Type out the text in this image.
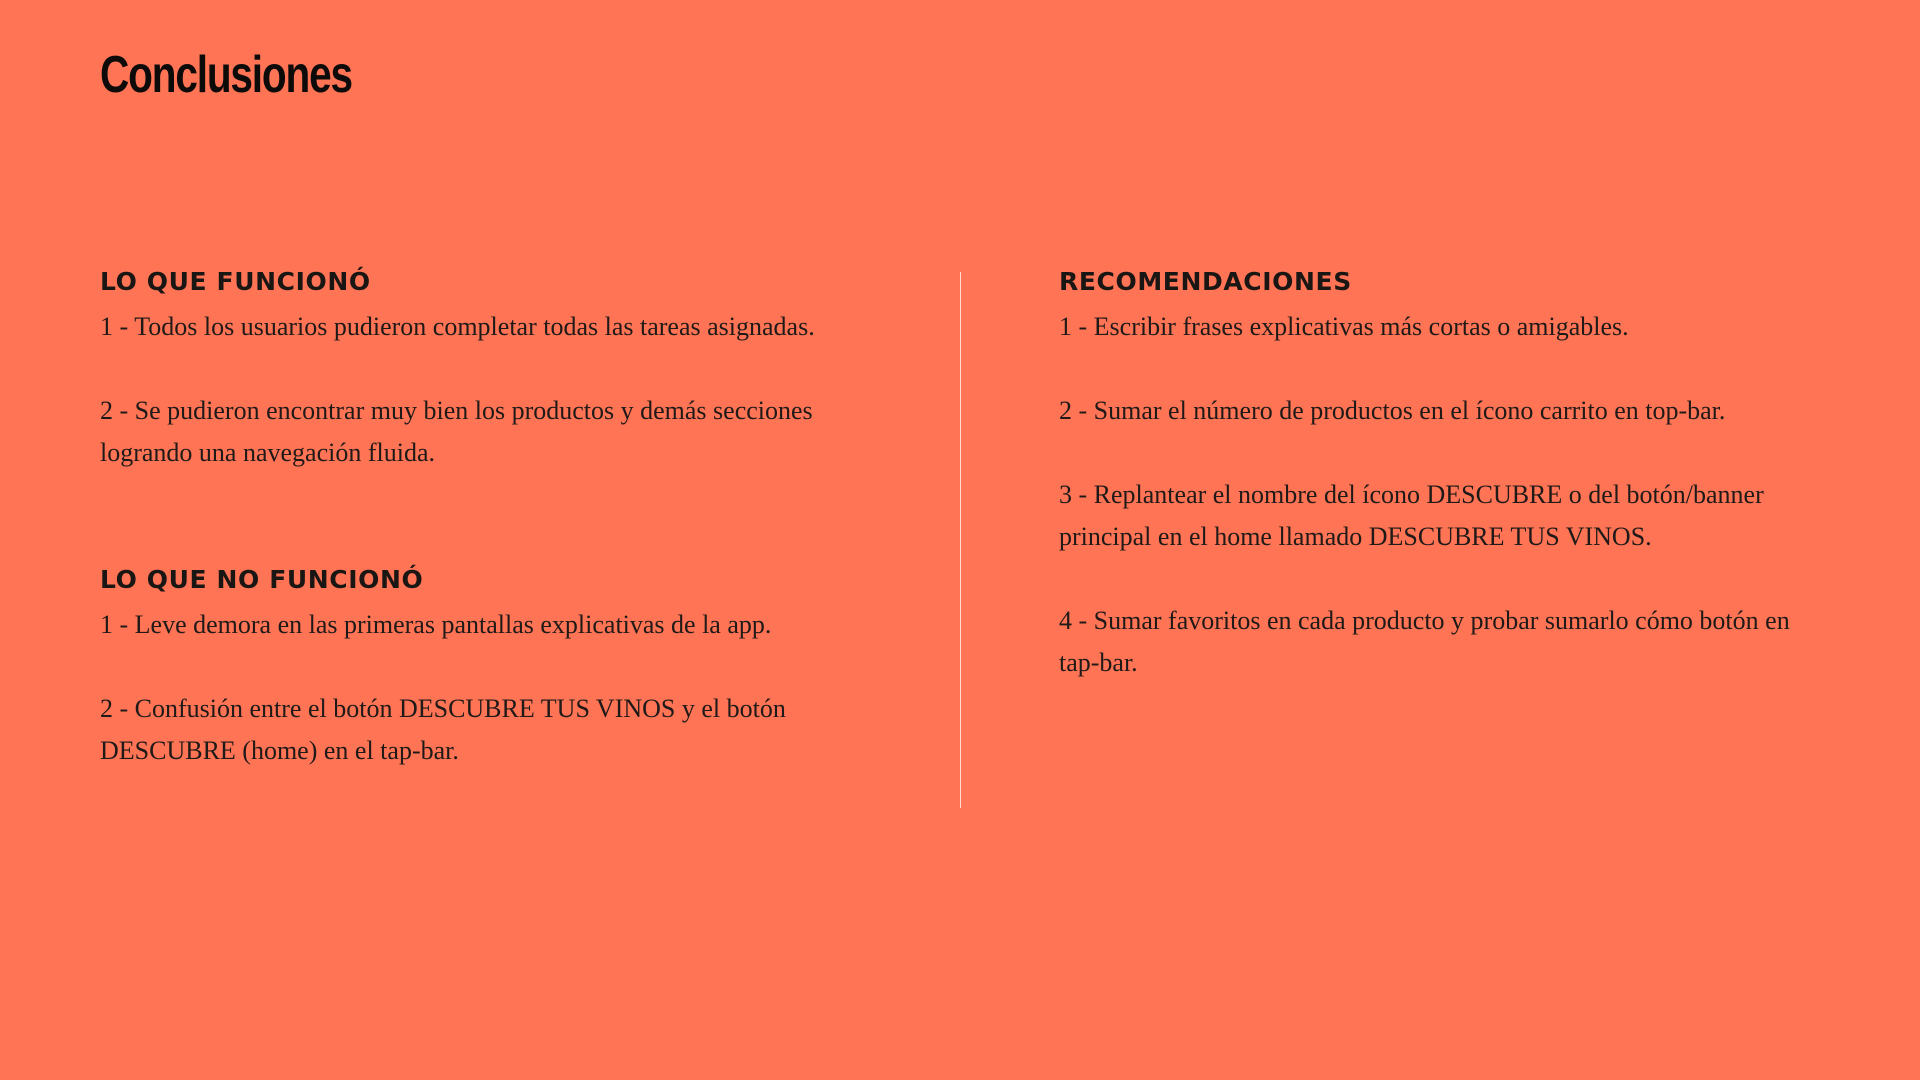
Conclusiones
LO QUE FUNCIONÓ

1 - Todos los usuarios pudieron completar todas las tareas asignadas.

2 - Se pudieron encontrar muy bien los productos y demás secciones logrando una navegación fluida.

LO QUE NO FUNCIONÓ

1 - Leve demora en las primeras pantallas explicativas de la app.

2 - Confusión entre el botón DESCUBRE TUS VINOS y el botón DESCUBRE (home) en el tap-bar.

RECOMENDACIONES

1 - Escribir frases explicativas más cortas o amigables.

2 - Sumar el número de productos en el ícono carrito en top-bar.

3 - Replantear el nombre del ícono DESCUBRE o del botón/banner principal en el home llamado DESCUBRE TUS VINOS.

4 - Sumar favoritos en cada producto y probar sumarlo cómo botón en tap-bar.
